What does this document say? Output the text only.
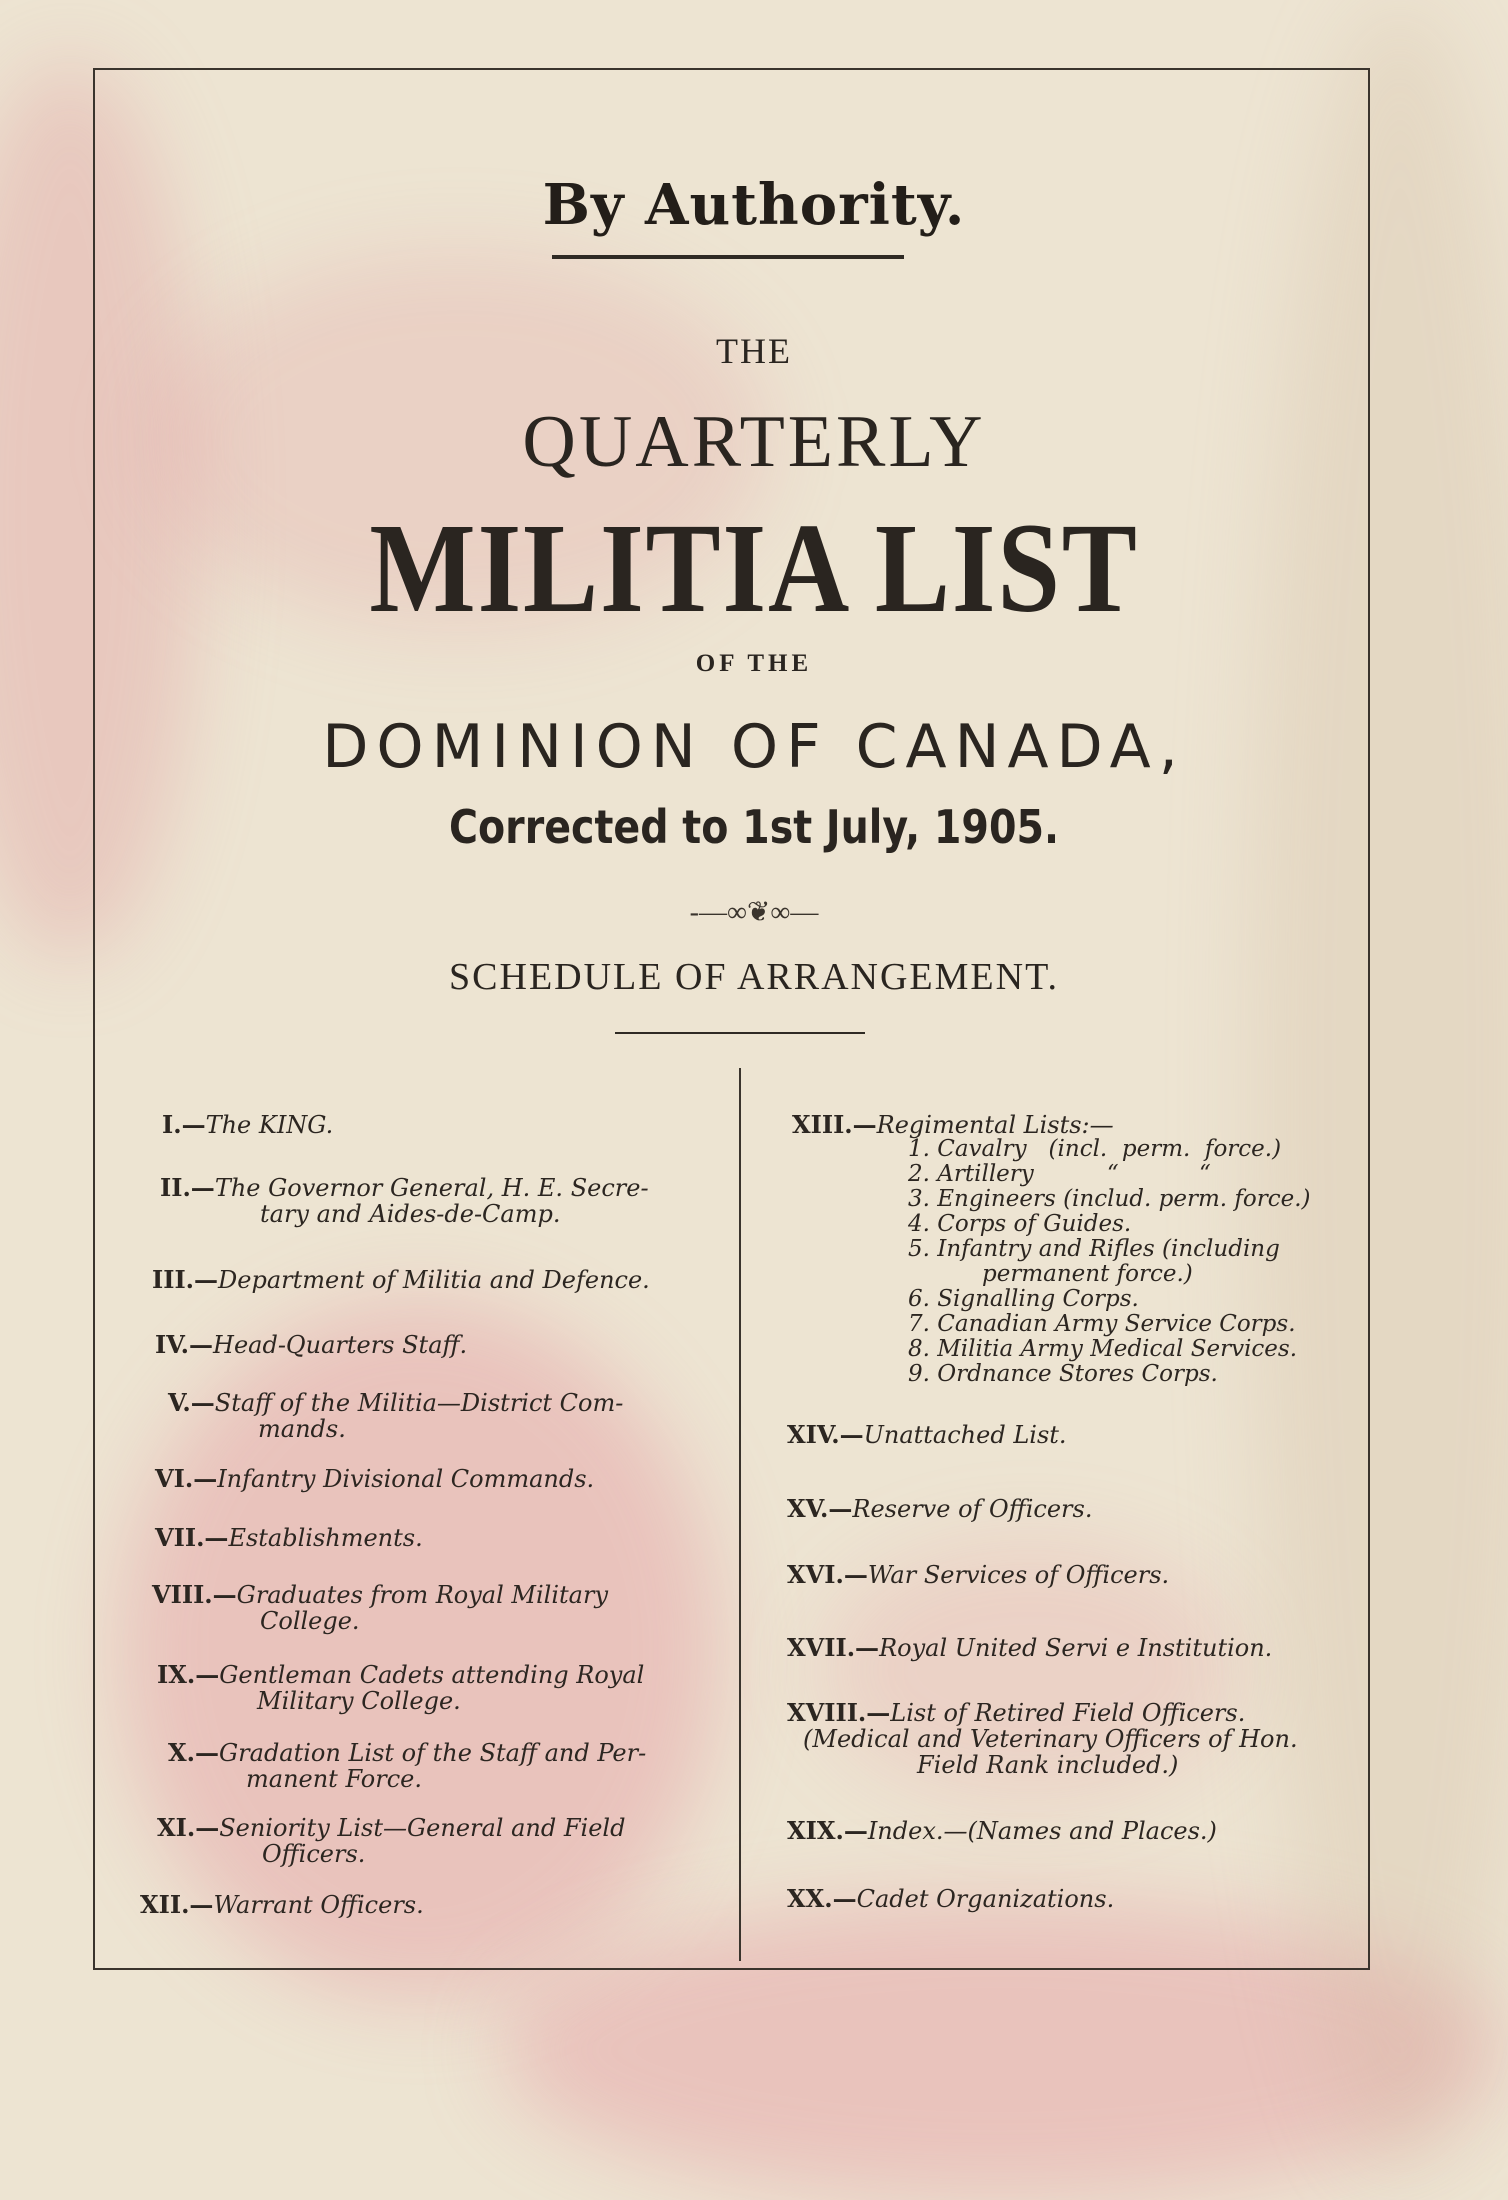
By Authority.
THE
QUARTERLY
MILITIA LIST
OF THE
DOMINION OF CANADA,
Corrected to 1st July, 1905.
-—∞❦∞—
SCHEDULE OF ARRANGEMENT.
I.—The KING.
II.—The Governor General, H. E. Secre-
tary and Aides-de-Camp.
III.—Department of Militia and Defence.
IV.—Head-Quarters Staff.
V.—Staff of the Militia—District Com-
mands.
VI.—Infantry Divisional Commands.
VII.—Establishments.
VIII.—Graduates from Royal Military
College.
IX.—Gentleman Cadets attending Royal
Military College.
X.—Gradation List of the Staff and Per-
manent Force.
XI.—Seniority List—General and Field
Officers.
XII.—Warrant Officers.
XIII.—Regimental Lists:—
1. Cavalry   (incl.  perm.  force.)
2. Artillery          “           “
3. Engineers (includ. perm. force.)
4. Corps of Guides.
5. Infantry and Rifles (including
permanent force.)
6. Signalling Corps.
7. Canadian Army Service Corps.
8. Militia Army Medical Services.
9. Ordnance Stores Corps.
XIV.—Unattached List.
XV.—Reserve of Officers.
XVI.—War Services of Officers.
XVII.—Royal United Servi e Institution.
XVIII.—List of Retired Field Officers.
(Medical and Veterinary Officers of Hon.
Field Rank included.)
XIX.—Index.—(Names and Places.)
XX.—Cadet Organizations.
